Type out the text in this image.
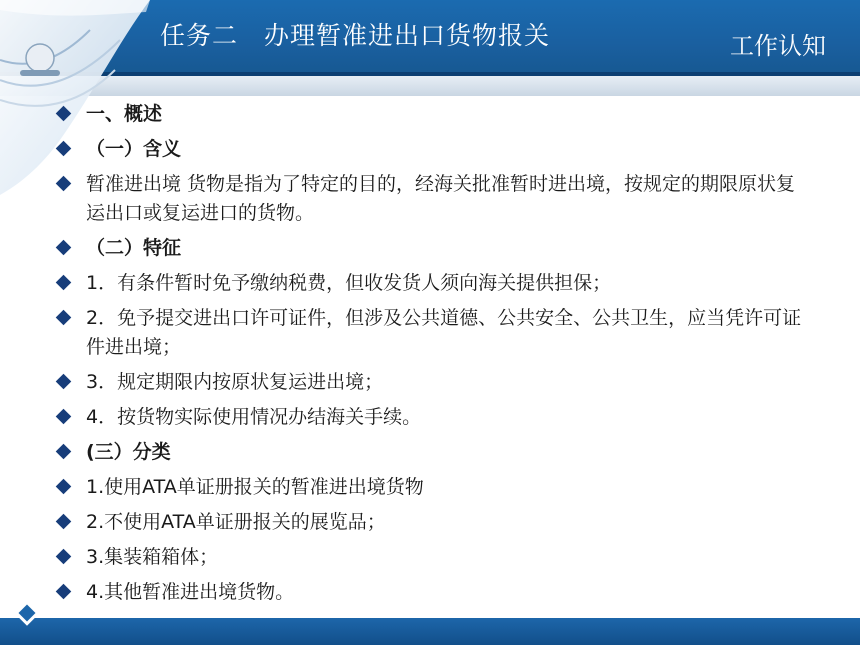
任务二　办理暂准进出口货物报关	工作认知
一、概述
（一）含义
暂准进出境 货物是指为了特定的目的，经海关批准暂时进出境，按规定的期限原状复运出口或复运进口的货物。
（二）特征
1．有条件暂时免予缴纳税费，但收发货人须向海关提供担保；
2．免予提交进出口许可证件，但涉及公共道德、公共安全、公共卫生，应当凭许可证件进出境；
3．规定期限内按原状复运进出境；
4．按货物实际使用情况办结海关手续。
(三）分类
1.使用ATA单证册报关的暂准进出境货物
2.不使用ATA单证册报关的展览品；
3.集装箱箱体；
4.其他暂准进出境货物。
